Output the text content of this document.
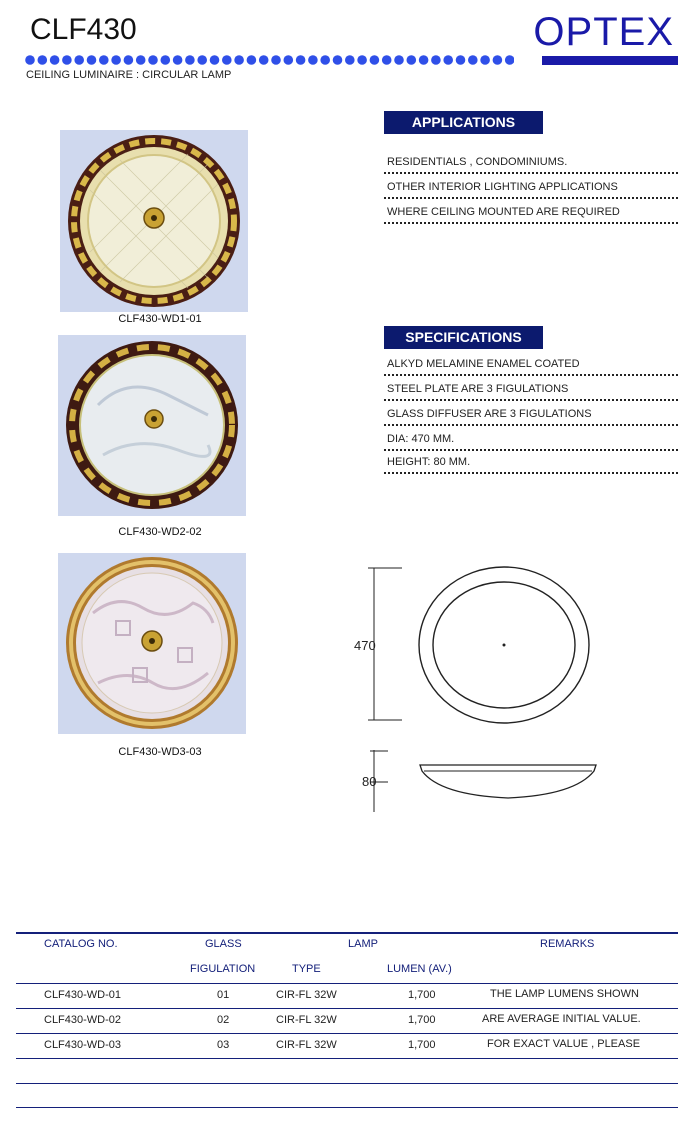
CLF430	OPTEX
CEILING LUMINAIRE : CIRCULAR LAMP
CLF430-WD1-01
CLF430-WD2-02
CLF430-WD3-03
APPLICATIONS
RESIDENTIALS , CONDOMINIUMS.
OTHER INTERIOR LIGHTING APPLICATIONS
WHERE CEILING MOUNTED ARE REQUIRED
SPECIFICATIONS
ALKYD MELAMINE ENAMEL COATED
STEEL PLATE ARE 3 FIGULATIONS
GLASS DIFFUSER ARE 3 FIGULATIONS
DIA: 470 MM.
HEIGHT: 80 MM.
470
80
CATALOG NO.	GLASS	LAMP	REMARKS
FIGULATION	TYPE	LUMEN (AV.)
CLF430-WD-01	01	CIR-FL 32W	1,700	THE LAMP LUMENS SHOWN
CLF430-WD-02	02	CIR-FL 32W	1,700	ARE AVERAGE INITIAL VALUE.
CLF430-WD-03	03	CIR-FL 32W	1,700	FOR EXACT VALUE , PLEASE
